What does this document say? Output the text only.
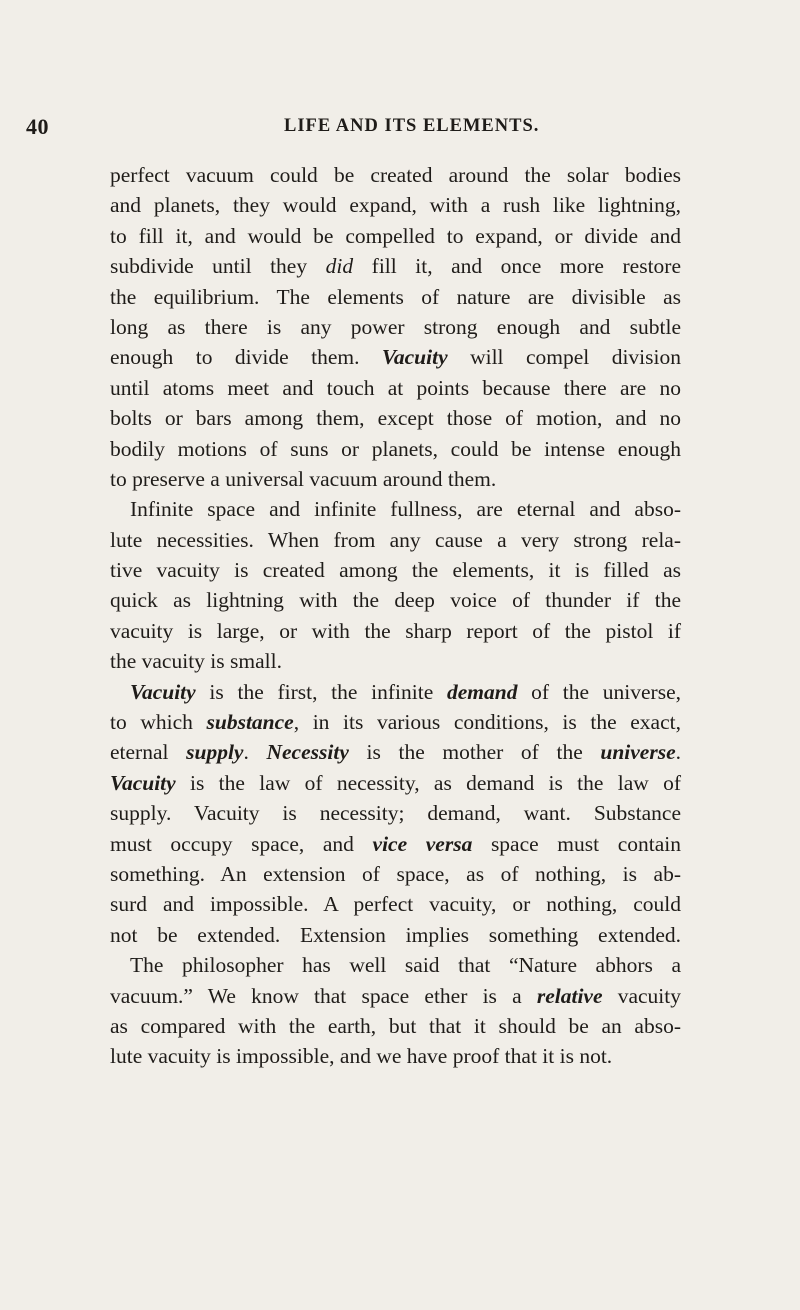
40	LIFE AND ITS ELEMENTS.
perfect vacuum could be created around the solar bodies
and planets, they would expand, with a rush like lightning,
to fill it, and would be compelled to expand, or divide and
subdivide until they did fill it, and once more restore
the equilibrium. The elements of nature are divisible as
long as there is any power strong enough and subtle
enough to divide them. Vacuity will compel division
until atoms meet and touch at points because there are no
bolts or bars among them, except those of motion, and no
bodily motions of suns or planets, could be intense enough
to preserve a universal vacuum around them.
Infinite space and infinite fullness, are eternal and abso-
lute necessities. When from any cause a very strong rela-
tive vacuity is created among the elements, it is filled as
quick as lightning with the deep voice of thunder if the
vacuity is large, or with the sharp report of the pistol if
the vacuity is small.
Vacuity is the first, the infinite demand of the universe,
to which substance, in its various conditions, is the exact,
eternal supply. Necessity is the mother of the universe.
Vacuity is the law of necessity, as demand is the law of
supply. Vacuity is necessity; demand, want. Substance
must occupy space, and vice versa space must contain
something. An extension of space, as of nothing, is ab-
surd and impossible. A perfect vacuity, or nothing, could
not be extended. Extension implies something extended.
The philosopher has well said that “Nature abhors a
vacuum.” We know that space ether is a relative vacuity
as compared with the earth, but that it should be an abso-
lute vacuity is impossible, and we have proof that it is not.
